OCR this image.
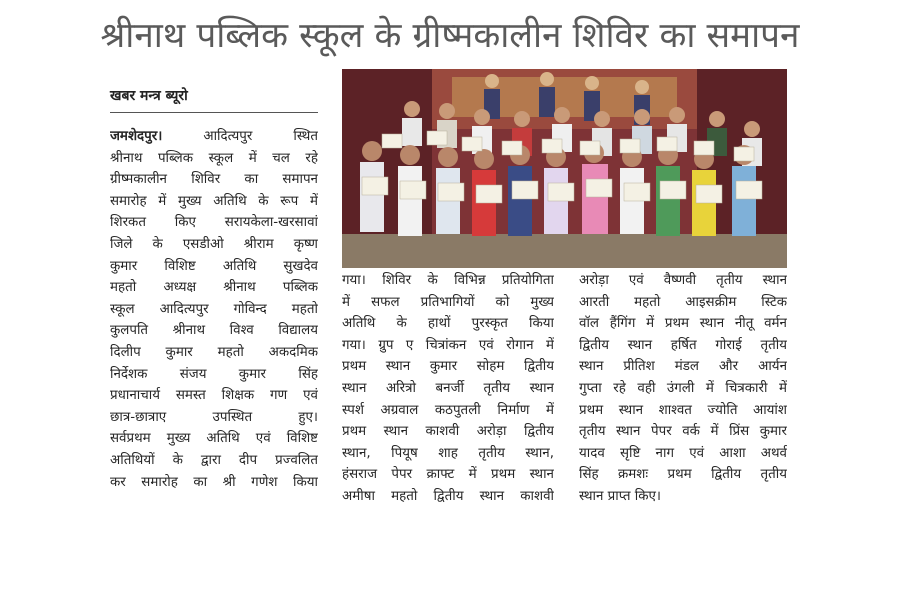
श्रीनाथ पब्लिक स्कूल के ग्रीष्मकालीन शिविर का समापन
खबर मन्त्र ब्यूरो
जमशेदपुर। आदित्यपुर स्थित
श्रीनाथ पब्लिक स्कूल में चल रहे
ग्रीष्मकालीन शिविर का समापन
समारोह में मुख्य अतिथि के रूप में
शिरकत किए सरायकेला-खरसावां
जिले के एसडीओ श्रीराम कृष्ण
कुमार विशिष्ट अतिथि सुखदेव
महतो अध्यक्ष श्रीनाथ पब्लिक
स्कूल आदित्यपुर गोविन्द महतो
कुलपति श्रीनाथ विश्व विद्यालय
दिलीप कुमार महतो अकदमिक
निर्देशक संजय कुमार सिंह
प्रधानाचार्य समस्त शिक्षक गण एवं
छात्र-छात्राए उपस्थित हुए।
सर्वप्रथम मुख्य अतिथि एवं विशिष्ट
अतिथियों के द्वारा दीप प्रज्वलित
कर समारोह का श्री गणेश किया
गया। शिविर के विभिन्न प्रतियोगिता
में सफल प्रतिभागियों को मुख्य
अतिथि के हाथों पुरस्कृत किया
गया। ग्रुप ए चित्रांकन एवं रोगान में
प्रथम स्थान कुमार सोहम द्वितीय
स्थान अरित्रो बनर्जी तृतीय स्थान
स्पर्श अग्रवाल कठपुतली निर्माण में
प्रथम स्थान काशवी अरोड़ा द्वितीय
स्थान, पियूष शाह तृतीय स्थान,
हंसराज पेपर क्राफ्ट में प्रथम स्थान
अमीषा महतो द्वितीय स्थान काशवी
अरोड़ा एवं वैष्णवी तृतीय स्थान
आरती महतो आइसक्रीम स्टिक
वॉल हैंगिंग में प्रथम स्थान नीतू वर्मन
द्वितीय स्थान हर्षित गोराई तृतीय
स्थान प्रीतिश मंडल और आर्यन
गुप्ता रहे वही उंगली में चित्रकारी में
प्रथम स्थान शाश्वत ज्योति आयांश
तृतीय स्थान पेपर वर्क में प्रिंस कुमार
यादव सृष्टि नाग एवं आशा अथर्व
सिंह क्रमशः प्रथम द्वितीय तृतीय
स्थान प्राप्त किए।
